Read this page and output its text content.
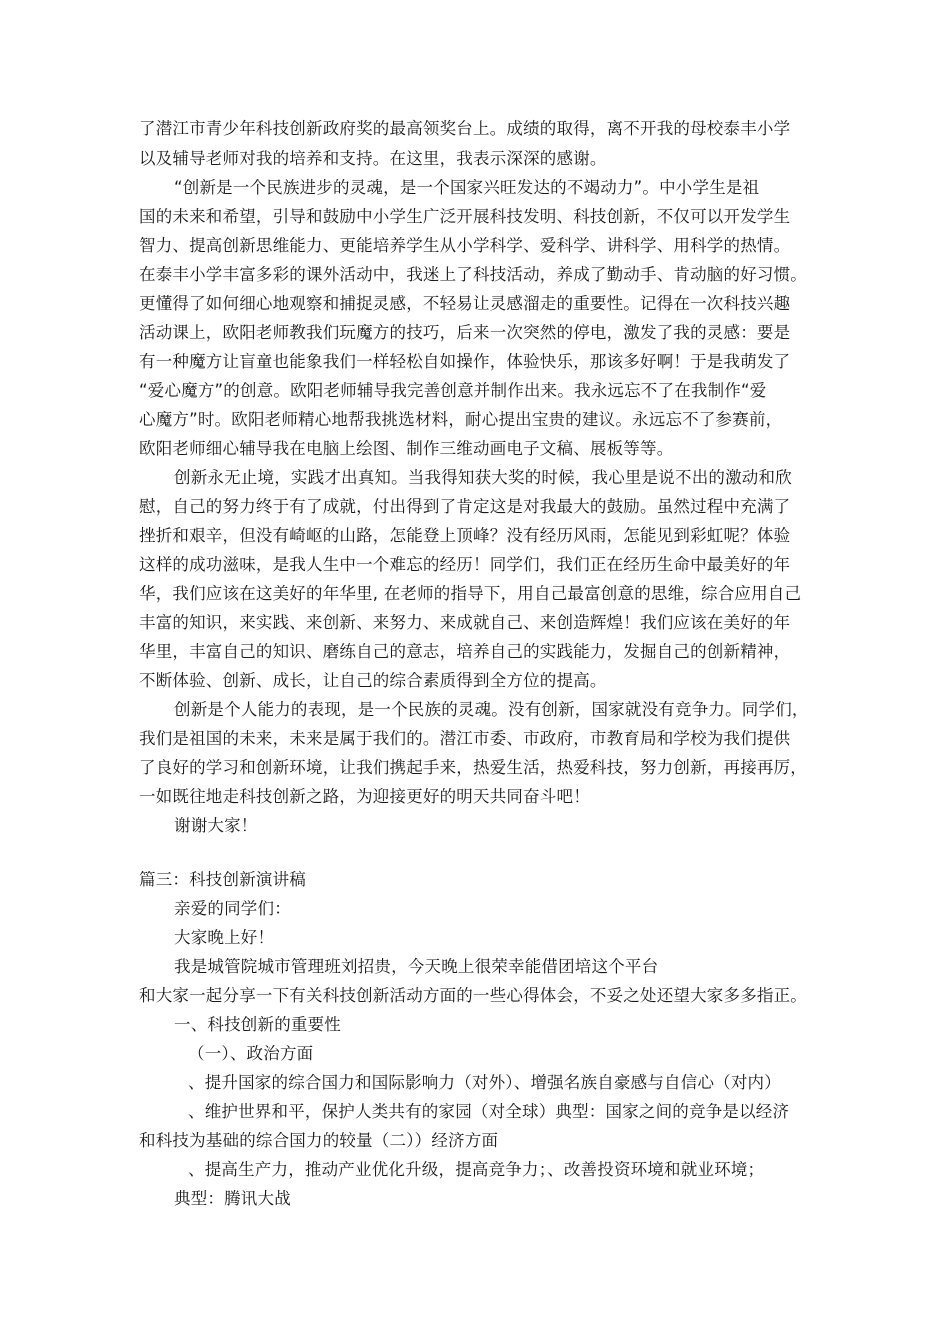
了潜江市青少年科技创新政府奖的最高领奖台上。成绩的取得，离不开我的母校泰丰小学
以及辅导老师对我的培养和支持。在这里，我表示深深的感谢。
“创新是一个民族进步的灵魂，是一个国家兴旺发达的不竭动力”。中小学生是祖
国的未来和希望，引导和鼓励中小学生广泛开展科技发明、科技创新，不仅可以开发学生
智力、提高创新思维能力、更能培养学生从小学科学、爱科学、讲科学、用科学的热情。
在泰丰小学丰富多彩的课外活动中，我迷上了科技活动，养成了勤动手、肯动脑的好习惯。
更懂得了如何细心地观察和捕捉灵感，不轻易让灵感溜走的重要性。记得在一次科技兴趣
活动课上，欧阳老师教我们玩魔方的技巧，后来一次突然的停电，激发了我的灵感：要是
有一种魔方让盲童也能象我们一样轻松自如操作，体验快乐，那该多好啊！于是我萌发了
“爱心魔方”的创意。欧阳老师辅导我完善创意并制作出来。我永远忘不了在我制作“爱
心魔方”时。欧阳老师精心地帮我挑选材料，耐心提出宝贵的建议。永远忘不了参赛前，
欧阳老师细心辅导我在电脑上绘图、制作三维动画电子文稿、展板等等。
创新永无止境，实践才出真知。当我得知获大奖的时候，我心里是说不出的激动和欣
慰，自己的努力终于有了成就，付出得到了肯定这是对我最大的鼓励。虽然过程中充满了
挫折和艰辛，但没有崎岖的山路，怎能登上顶峰？没有经历风雨，怎能见到彩虹呢？体验
这样的成功滋味，是我人生中一个难忘的经历！同学们，我们正在经历生命中最美好的年
华，我们应该在这美好的年华里, 在老师的指导下，用自己最富创意的思维，综合应用自己
丰富的知识，来实践、来创新、来努力、来成就自己、来创造辉煌！我们应该在美好的年
华里，丰富自己的知识、磨练自己的意志，培养自己的实践能力，发掘自己的创新精神，
不断体验、创新、成长，让自己的综合素质得到全方位的提高。
创新是个人能力的表现，是一个民族的灵魂。没有创新，国家就没有竞争力。同学们，
我们是祖国的未来，未来是属于我们的。潜江市委、市政府，市教育局和学校为我们提供
了良好的学习和创新环境，让我们携起手来，热爱生活，热爱科技，努力创新，再接再厉，
一如既往地走科技创新之路，为迎接更好的明天共同奋斗吧！
谢谢大家！
篇三：科技创新演讲稿
亲爱的同学们：
大家晚上好！
我是城管院城市管理班刘招贵，今天晚上很荣幸能借团培这个平台
和大家一起分享一下有关科技创新活动方面的一些心得体会，不妥之处还望大家多多指正。
一、科技创新的重要性
（一）、政治方面
、提升国家的综合国力和国际影响力（对外）、增强名族自豪感与自信心（对内）
、维护世界和平，保护人类共有的家园（对全球）典型：国家之间的竞争是以经济
和科技为基础的综合国力的较量（二））经济方面
、提高生产力，推动产业优化升级，提高竞争力；、改善投资环境和就业环境；
典型：腾讯大战
